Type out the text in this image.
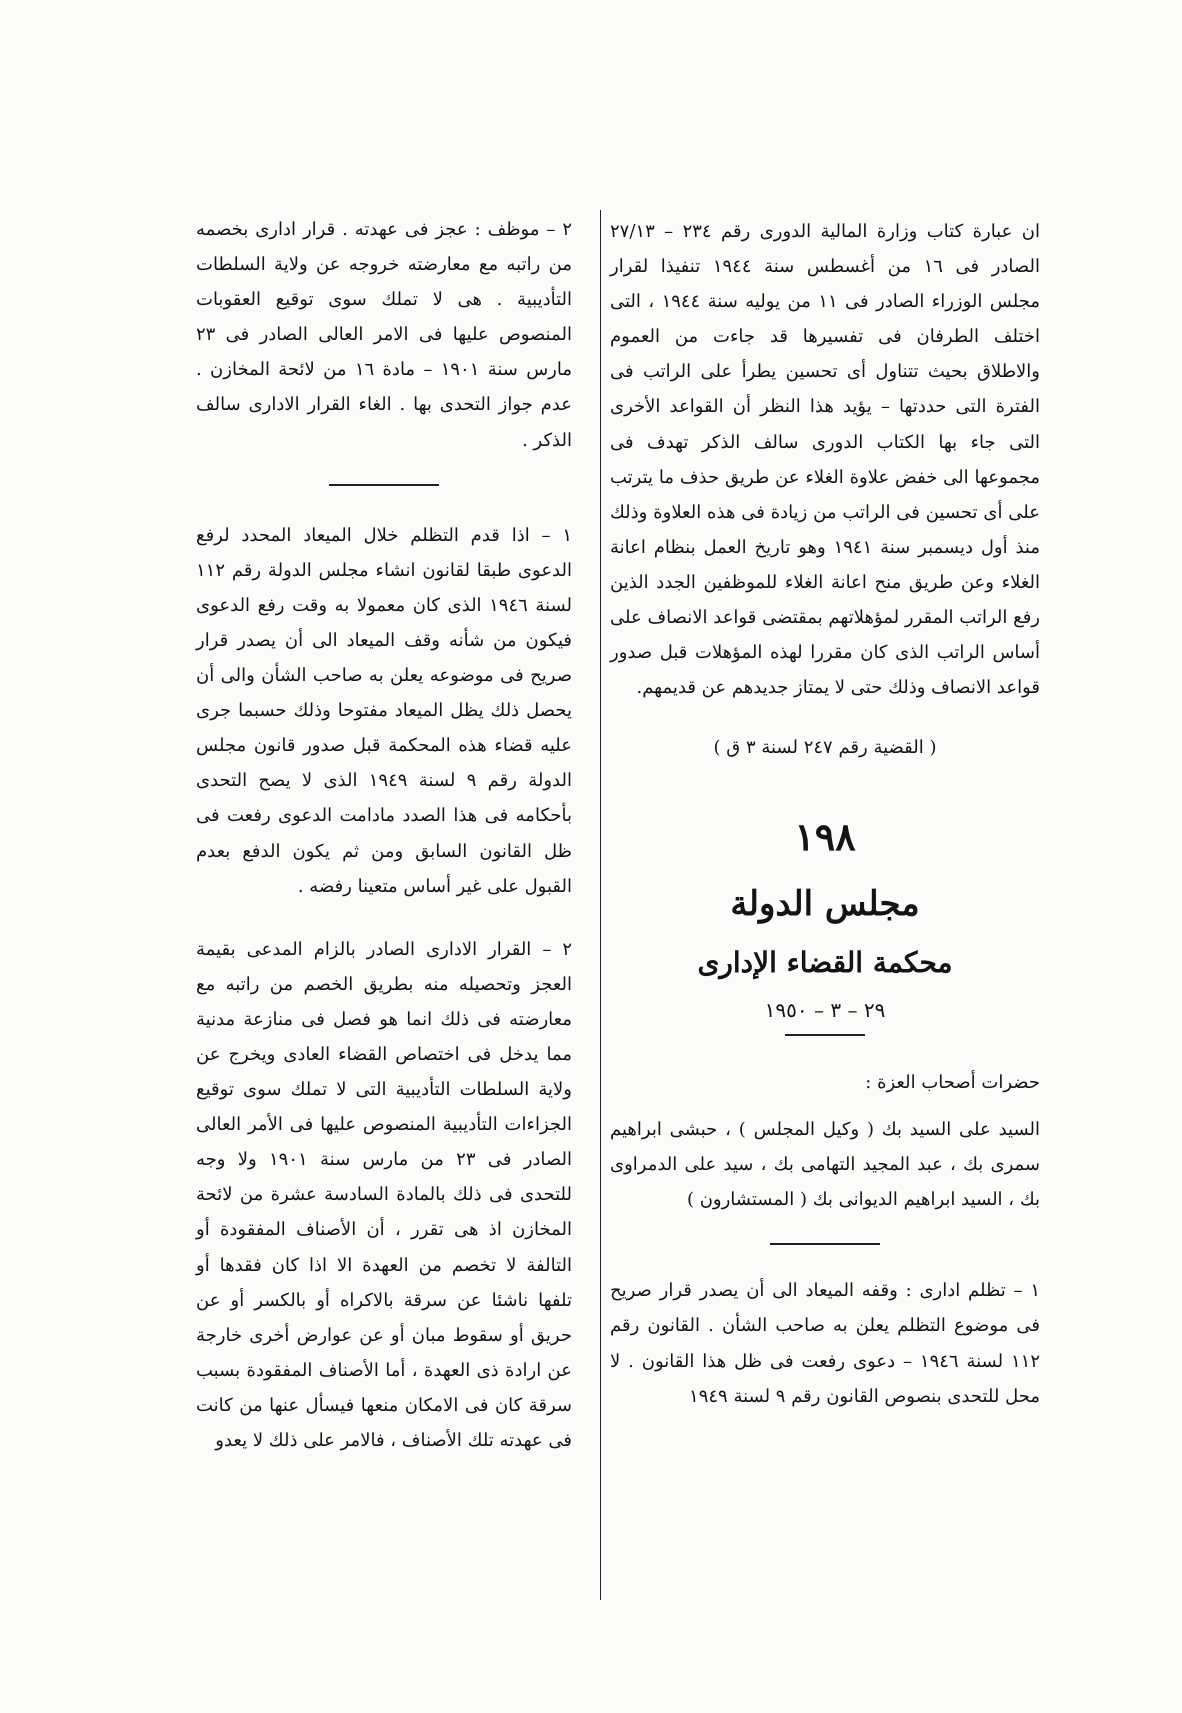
ان عبارة كتاب وزارة المالية الدورى رقم ٢٣٤ – ٢٧/١٣ الصادر فى ١٦ من أغسطس سنة ١٩٤٤ تنفيذا لقرار مجلس الوزراء الصادر فى ١١ من يوليه سنة ١٩٤٤ ، التى اختلف الطرفان فى تفسيرها قد جاءت من العموم والاطلاق بحيث تتناول أى تحسين يطرأ على الراتب فى الفترة التى حددتها – يؤيد هذا النظر أن القواعد الأخرى التى جاء بها الكتاب الدورى سالف الذكر تهدف فى مجموعها الى خفض علاوة الغلاء عن طريق حذف ما يترتب على أى تحسين فى الراتب من زيادة فى هذه العلاوة وذلك منذ أول ديسمبر سنة ١٩٤١ وهو تاريخ العمل بنظام اعانة الغلاء وعن طريق منح اعانة الغلاء للموظفين الجدد الذين رفع الراتب المقرر لمؤهلاتهم بمقتضى قواعد الانصاف على أساس الراتب الذى كان مقررا لهذه المؤهلات قبل صدور قواعد الانصاف وذلك حتى لا يمتاز جديدهم عن قديمهم.

( القضية رقم ٢٤٧ لسنة ٣ ق )

١٩٨
مجلس الدولة
محكمة القضاء الإدارى
٢٩ – ٣ – ١٩٥٠

حضرات أصحاب العزة :

السيد على السيد بك ( وكيل المجلس ) ، حبشى ابراهيم سمرى بك ، عبد المجيد التهامى بك ، سيد على الدمراوى بك ، السيد ابراهيم الديوانى بك ( المستشارون )

١ – تظلم ادارى : وقفه الميعاد الى أن يصدر قرار صريح فى موضوع التظلم يعلن به صاحب الشأن . القانون رقم ١١٢ لسنة ١٩٤٦ – دعوى رفعت فى ظل هذا القانون . لا محل للتحدى بنصوص القانون رقم ٩ لسنة ١٩٤٩

٢ – موظف : عجز فى عهدته . قرار ادارى بخصمه من راتبه مع معارضته خروجه عن ولاية السلطات التأديبية . هى لا تملك سوى توقيع العقوبات المنصوص عليها فى الامر العالى الصادر فى ٢٣ مارس سنة ١٩٠١ – مادة ١٦ من لائحة المخازن . عدم جواز التحدى بها . الغاء القرار الادارى سالف الذكر .

١ – اذا قدم التظلم خلال الميعاد المحدد لرفع الدعوى طبقا لقانون انشاء مجلس الدولة رقم ١١٢ لسنة ١٩٤٦ الذى كان معمولا به وقت رفع الدعوى فيكون من شأنه وقف الميعاد الى أن يصدر قرار صريح فى موضوعه يعلن به صاحب الشأن والى أن يحصل ذلك يظل الميعاد مفتوحا وذلك حسبما جرى عليه قضاء هذه المحكمة قبل صدور قانون مجلس الدولة رقم ٩ لسنة ١٩٤٩ الذى لا يصح التحدى بأحكامه فى هذا الصدد مادامت الدعوى رفعت فى ظل القانون السابق ومن ثم يكون الدفع بعدم القبول على غير أساس متعينا رفضه .

٢ – القرار الادارى الصادر بالزام المدعى بقيمة العجز وتحصيله منه بطريق الخصم من راتبه مع معارضته فى ذلك انما هو فصل فى منازعة مدنية مما يدخل فى اختصاص القضاء العادى ويخرج عن ولاية السلطات التأديبية التى لا تملك سوى توقيع الجزاءات التأديبية المنصوص عليها فى الأمر العالى الصادر فى ٢٣ من مارس سنة ١٩٠١ ولا وجه للتحدى فى ذلك بالمادة السادسة عشرة من لائحة المخازن اذ هى تقرر ، أن الأصناف المفقودة أو التالفة لا تخصم من العهدة الا اذا كان فقدها أو تلفها ناشئا عن سرقة بالاكراه أو بالكسر أو عن حريق أو سقوط مبان أو عن عوارض أخرى خارجة عن ارادة ذى العهدة ، أما الأصناف المفقودة بسبب سرقة كان فى الامكان منعها فيسأل عنها من كانت فى عهدته تلك الأصناف ، فالامر على ذلك لا يعدو
